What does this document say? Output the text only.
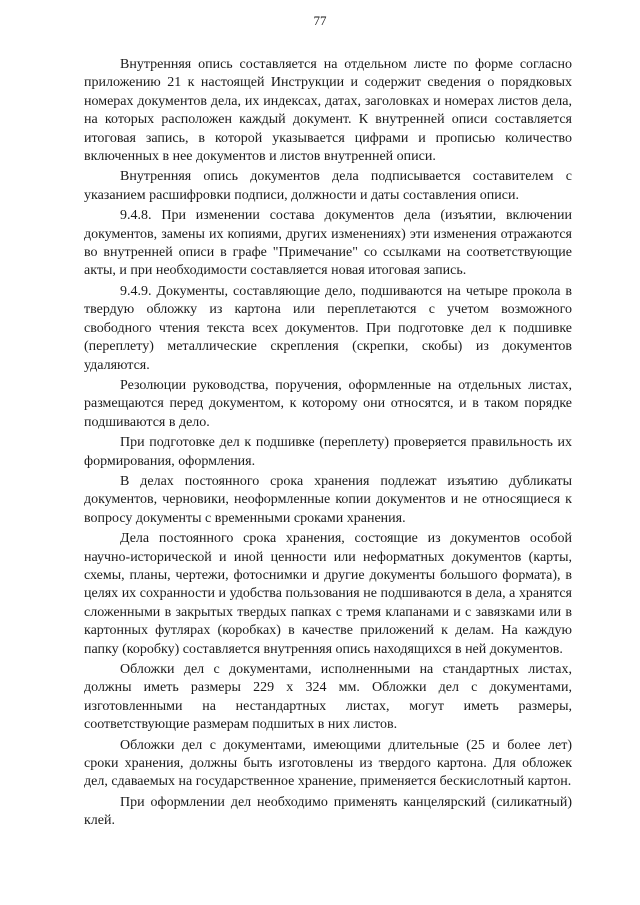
77

Внутренняя опись составляется на отдельном листе по форме согласно приложению 21 к настоящей Инструкции и содержит сведения о порядковых номерах документов дела, их индексах, датах, заголовках и номерах листов дела, на которых расположен каждый документ. К внутренней описи составляется итоговая запись, в которой указывается цифрами и прописью количество включенных в нее документов и листов внутренней описи.

Внутренняя опись документов дела подписывается составителем с указанием расшифровки подписи, должности и даты составления описи.

9.4.8. При изменении состава документов дела (изъятии, включении документов, замены их копиями, других изменениях) эти изменения отражаются во внутренней описи в графе "Примечание" со ссылками на соответствующие акты, и при необходимости составляется новая итоговая запись.

9.4.9. Документы, составляющие дело, подшиваются на четыре прокола в твердую обложку из картона или переплетаются с учетом возможного свободного чтения текста всех документов. При подготовке дел к подшивке (переплету) металлические скрепления (скрепки, скобы) из документов удаляются.

Резолюции руководства, поручения, оформленные на отдельных листах, размещаются перед документом, к которому они относятся, и в таком порядке подшиваются в дело.

При подготовке дел к подшивке (переплету) проверяется правильность их формирования, оформления.

В делах постоянного срока хранения подлежат изъятию дубликаты документов, черновики, неоформленные копии документов и не относящиеся к вопросу документы с временными сроками хранения.

Дела постоянного срока хранения, состоящие из документов особой научно-исторической и иной ценности или неформатных документов (карты, схемы, планы, чертежи, фотоснимки и другие документы большого формата), в целях их сохранности и удобства пользования не подшиваются в дела, а хранятся сложенными в закрытых твердых папках с тремя клапанами и с завязками или в картонных футлярах (коробках) в качестве приложений к делам. На каждую папку (коробку) составляется внутренняя опись находящихся в ней документов.

Обложки дел с документами, исполненными на стандартных листах, должны иметь размеры 229 x 324 мм. Обложки дел с документами, изготовленными на нестандартных листах, могут иметь размеры, соответствующие размерам подшитых в них листов.

Обложки дел с документами, имеющими длительные (25 и более лет) сроки хранения, должны быть изготовлены из твердого картона. Для обложек дел, сдаваемых на государственное хранение, применяется бескислотный картон.

При оформлении дел необходимо применять канцелярский (силикатный) клей.
